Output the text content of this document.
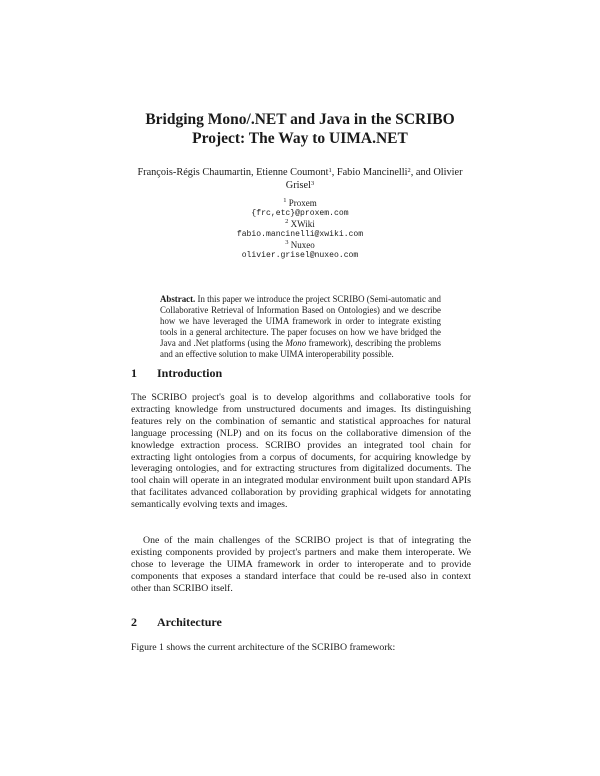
Bridging Mono/.NET and Java in the SCRIBO
Project: The Way to UIMA.NET
François-Régis Chaumartin, Etienne Coumont$^1$, Fabio Mancinelli$^2$, and Olivier
Grisel$^3$
$^1$ Proxem
{frc,etc}@proxem.com
$^2$ XWiki
fabio.mancinelli@xwiki.com
$^3$ Nuxeo
olivier.grisel@nuxeo.com
Abstract. In this paper we introduce the project SCRIBO (Semi-automatic and Collaborative Retrieval of Information Based on Ontologies) and we describe how we have leveraged the UIMA framework in order to integrate existing tools in a general architecture. The paper focuses on how we have bridged the Java and .Net platforms (using the Mono framework), describing the problems and an effective solution to make UIMA interoperability possible.
1 Introduction
The SCRIBO project's goal is to develop algorithms and collaborative tools for extracting knowledge from unstructured documents and images. Its distinguishing features rely on the combination of semantic and statistical approaches for natural language processing (NLP) and on its focus on the collaborative dimension of the knowledge extraction process. SCRIBO provides an integrated tool chain for extracting light ontologies from a corpus of documents, for acquiring knowledge by leveraging ontologies, and for extracting structures from digitalized documents. The tool chain will operate in an integrated modular environment built upon standard APIs that facilitates advanced collaboration by providing graphical widgets for annotating semantically evolving texts and images.
One of the main challenges of the SCRIBO project is that of integrating the existing components provided by project's partners and make them interoperate. We chose to leverage the UIMA framework in order to interoperate and to provide components that exposes a standard interface that could be re-used also in context other than SCRIBO itself.
2 Architecture
Figure 1 shows the current architecture of the SCRIBO framework:
